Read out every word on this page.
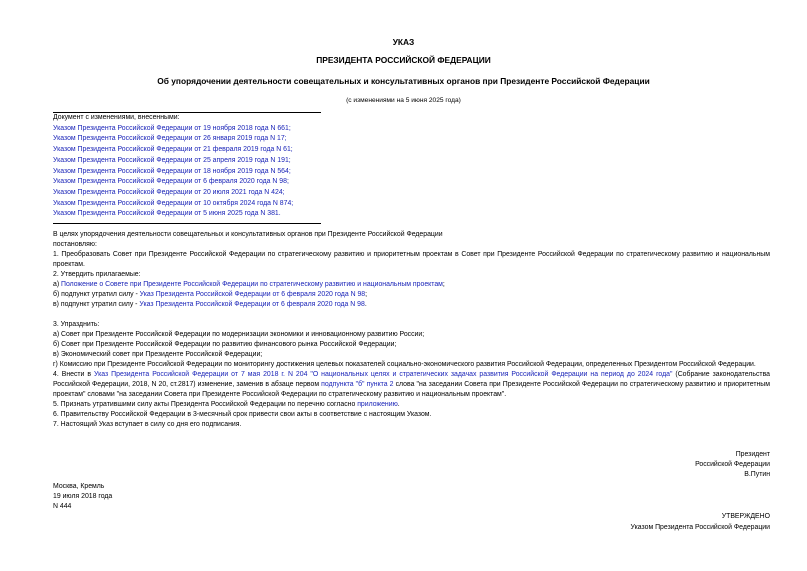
УКАЗ
ПРЕЗИДЕНТА РОССИЙСКОЙ ФЕДЕРАЦИИ
Об упорядочении деятельности совещательных и консультативных органов при Президенте Российской Федерации
(с изменениями на 5 июня 2025 года)
Документ с изменениями, внесенными:
Указом Президента Российской Федерации от 19 ноября 2018 года N 661;
Указом Президента Российской Федерации от 26 января 2019 года N 17;
Указом Президента Российской Федерации от 21 февраля 2019 года N 61;
Указом Президента Российской Федерации от 25 апреля 2019 года N 191;
Указом Президента Российской Федерации от 18 ноября 2019 года N 564;
Указом Президента Российской Федерации от 6 февраля 2020 года N 98;
Указом Президента Российской Федерации от 20 июля 2021 года N 424;
Указом Президента Российской Федерации от 10 октября 2024 года N 874;
Указом Президента Российской Федерации от 5 июня 2025 года N 381.

В целях упорядочения деятельности совещательных и консультативных органов при Президенте Российской Федерации

постановляю:

1. Преобразовать Совет при Президенте Российской Федерации по стратегическому развитию и приоритетным проектам в Совет при Президенте Российской Федерации по стратегическому развитию и национальным проектам.

2. Утвердить прилагаемые:

а) Положение о Совете при Президенте Российской Федерации по стратегическому развитию и национальным проектам;

б) подпункт утратил силу - Указ Президента Российской Федерации от 6 февраля 2020 года N 98;

в) подпункт утратил силу - Указ Президента Российской Федерации от 6 февраля 2020 года N 98.

3. Упразднить:

а) Совет при Президенте Российской Федерации по модернизации экономики и инновационному развитию России;

б) Совет при Президенте Российской Федерации по развитию финансового рынка Российской Федерации;

в) Экономический совет при Президенте Российской Федерации;

г) Комиссию при Президенте Российской Федерации по мониторингу достижения целевых показателей социально-экономического развития Российской Федерации, определенных Президентом Российской Федерации.

4. Внести в Указ Президента Российской Федерации от 7 мая 2018 г. N 204 "О национальных целях и стратегических задачах развития Российской Федерации на период до 2024 года" (Собрание законодательства Российской Федерации, 2018, N 20, ст.2817) изменение, заменив в абзаце первом подпункта "б" пункта 2 слова "на заседании Совета при Президенте Российской Федерации по стратегическому развитию и приоритетным проектам" словами "на заседании Совета при Президенте Российской Федерации по стратегическому развитию и национальным проектам".

5. Признать утратившими силу акты Президента Российской Федерации по перечню согласно приложению.

6. Правительству Российской Федерации в 3-месячный срок привести свои акты в соответствие с настоящим Указом.

7. Настоящий Указ вступает в силу со дня его подписания.

Президент
Российской Федерации
В.Путин
Москва, Кремль
19 июля 2018 года
N 444
УТВЕРЖДЕНО
Указом Президента Российской Федерации
